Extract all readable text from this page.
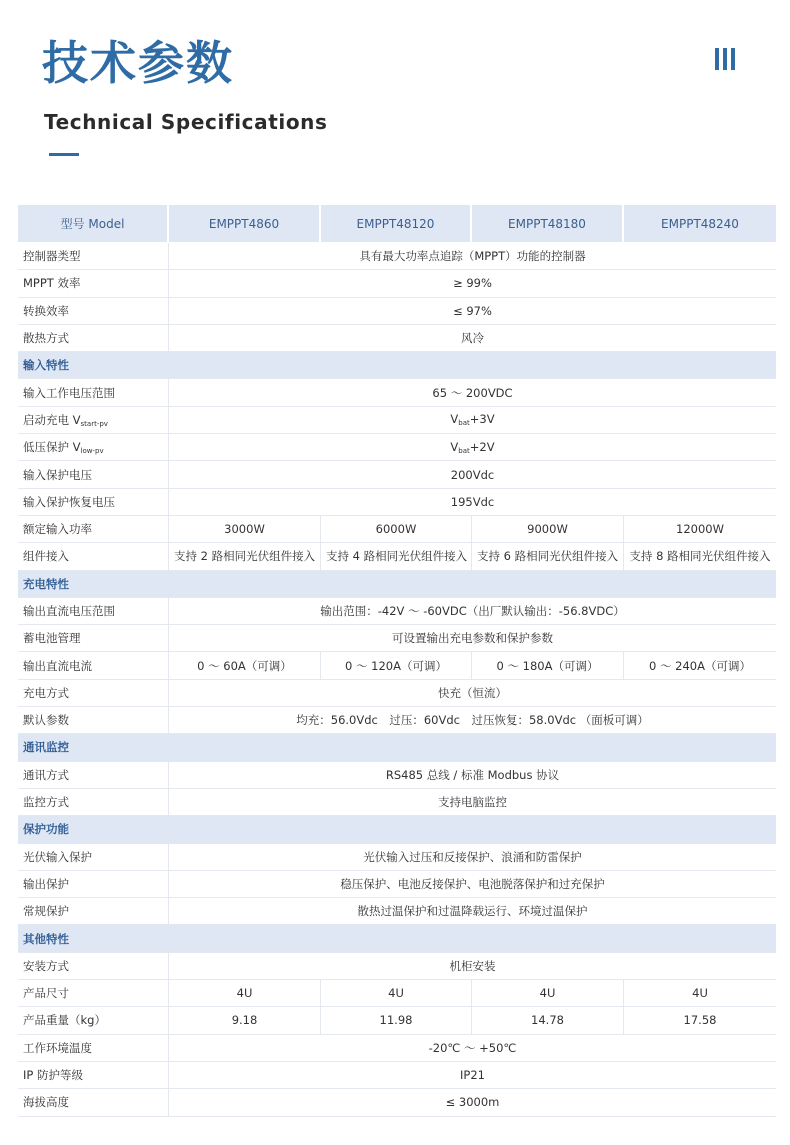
技术参数
Technical Specifications
型号 Model	EMPPT4860	EMPPT48120	EMPPT48180	EMPPT48240
控制器类型	具有最大功率点追踪（MPPT）功能的控制器			
MPPT 效率	≥ 99%			
转换效率	≤ 97%			
散热方式	风冷			
输入特性				
输入工作电压范围	65 ～ 200VDC			
启动充电 $V_{start-pv}$	$V_{bat}+3V$			
低压保护 $V_{low-pv}$	$V_{bat}+2V$			
输入保护电压	200Vdc			
输入保护恢复电压	195Vdc			
额定输入功率	3000W	6000W	9000W	12000W
组件接入	支持 2 路相同光伏组件接入	支持 4 路相同光伏组件接入	支持 6 路相同光伏组件接入	支持 8 路相同光伏组件接入
充电特性				
输出直流电压范围	输出范围：-42V ～ -60VDC（出厂默认输出：-56.8VDC）			
蓄电池管理	可设置输出充电参数和保护参数			
输出直流电流	0 ～ 60A（可调）	0 ～ 120A（可调）	0 ～ 180A（可调）	0 ～ 240A（可调）
充电方式	快充（恒流）			
默认参数	均充：56.0Vdc　过压：60Vdc　过压恢复：58.0Vdc （面板可调）			
通讯监控				
通讯方式	RS485 总线 / 标准 Modbus 协议			
监控方式	支持电脑监控			
保护功能				
光伏输入保护	光伏输入过压和反接保护、浪涌和防雷保护			
输出保护	稳压保护、电池反接保护、电池脱落保护和过充保护			
常规保护	散热过温保护和过温降载运行、环境过温保护			
其他特性				
安装方式	机柜安装			
产品尺寸	4U	4U	4U	4U
产品重量（kg）	9.18	11.98	14.78	17.58
工作环境温度	-20℃ ～ +50℃			
IP 防护等级	IP21			
海拔高度	≤ 3000m			
